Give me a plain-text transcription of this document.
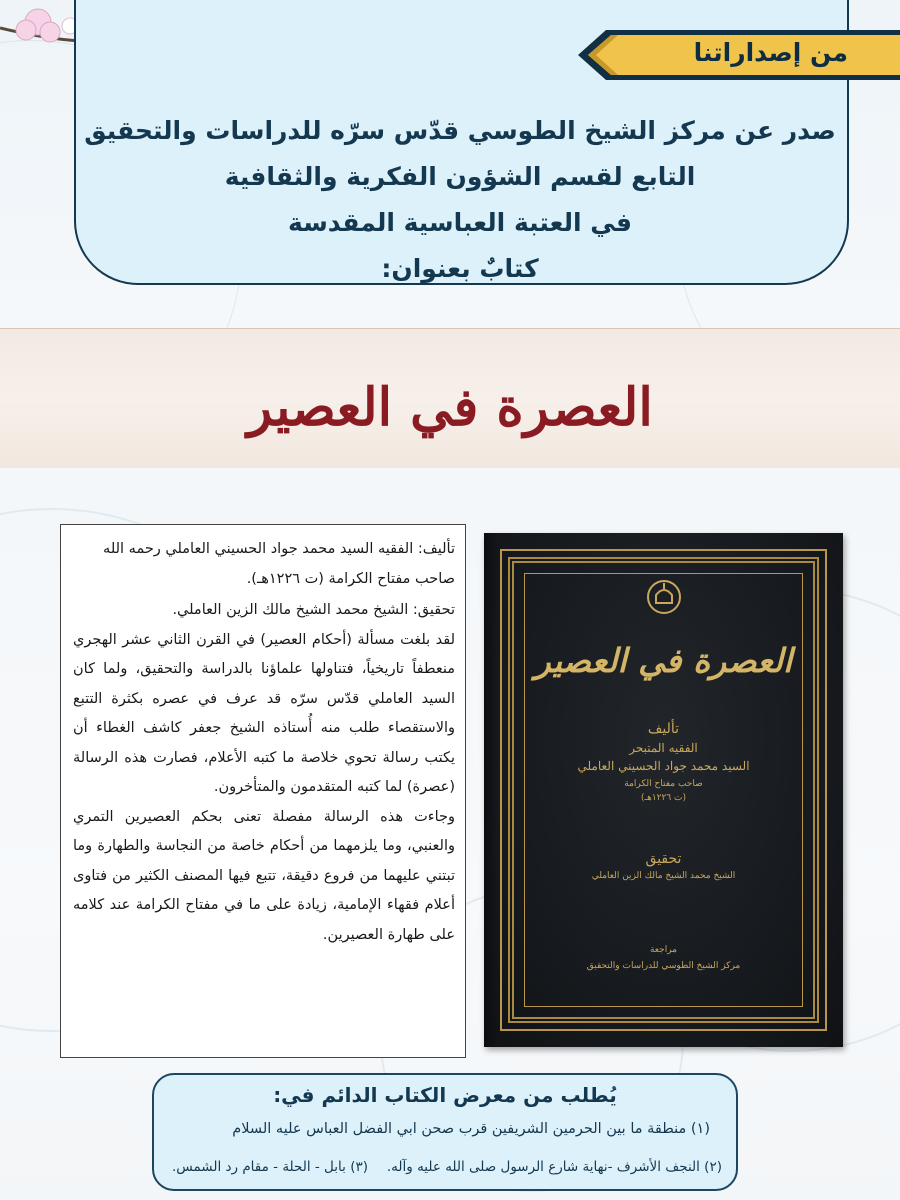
من إصداراتنا
صدر عن مركز الشيخ الطوسي قدّس سرّه للدراسات والتحقيق
التابع لقسم الشؤون الفكرية والثقافية
في العتبة العباسية المقدسة
كتابٌ بعنوان:
العصرة في العصير

تأليف: الفقيه السيد محمد جواد الحسيني العاملي رحمه الله

صاحب مفتاح الكرامة (ت ١٢٢٦هـ).

تحقيق: الشيخ محمد الشيخ مالك الزين العاملي.

لقد بلغت مسألة (أحكام العصير) في القرن الثاني عشر الهجري منعطفاً تاريخياً، فتناولها علماؤنا بالدراسة والتحقيق، ولما كان السيد العاملي قدّس سرّه قد عرف في عصره بكثرة التتبع والاستقصاء طلب منه أُستاذه الشيخ جعفر كاشف الغطاء أن يكتب رسالة تحوي خلاصة ما كتبه الأعلام، فصارت هذه الرسالة (عصرة) لما كتبه المتقدمون والمتأخرون.

وجاءت هذه الرسالة مفصلة تعنى بحكم العصيرين التمري والعنبي، وما يلزمهما من أحكام خاصة من النجاسة والطهارة وما تبتني عليهما من فروع دقيقة، تتبع فيها المصنف الكثير من فتاوى أعلام فقهاء الإمامية، زيادة على ما في مفتاح الكرامة عند كلامه على طهارة العصيرين.

العصرة في العصير
تأليف
الفقيه المتبحر
السيد محمد جواد الحسيني العاملي
صاحب مفتاح الكرامة
(ت ١٢٢٦هـ)
تحقيق
الشيخ محمد الشيخ مالك الزين العاملي
مراجعة
مركز الشيخ الطوسي للدراسات والتحقيق
يُطلب من معرض الكتاب الدائم في:
(١) منطقة ما بين الحرمين الشريفين قرب صحن ابي الفضل العباس عليه السلام
(٢) النجف الأشرف -نهاية شارع الرسول صلى الله عليه وآله.
(٣) بابل - الحلة - مقام رد الشمس.
